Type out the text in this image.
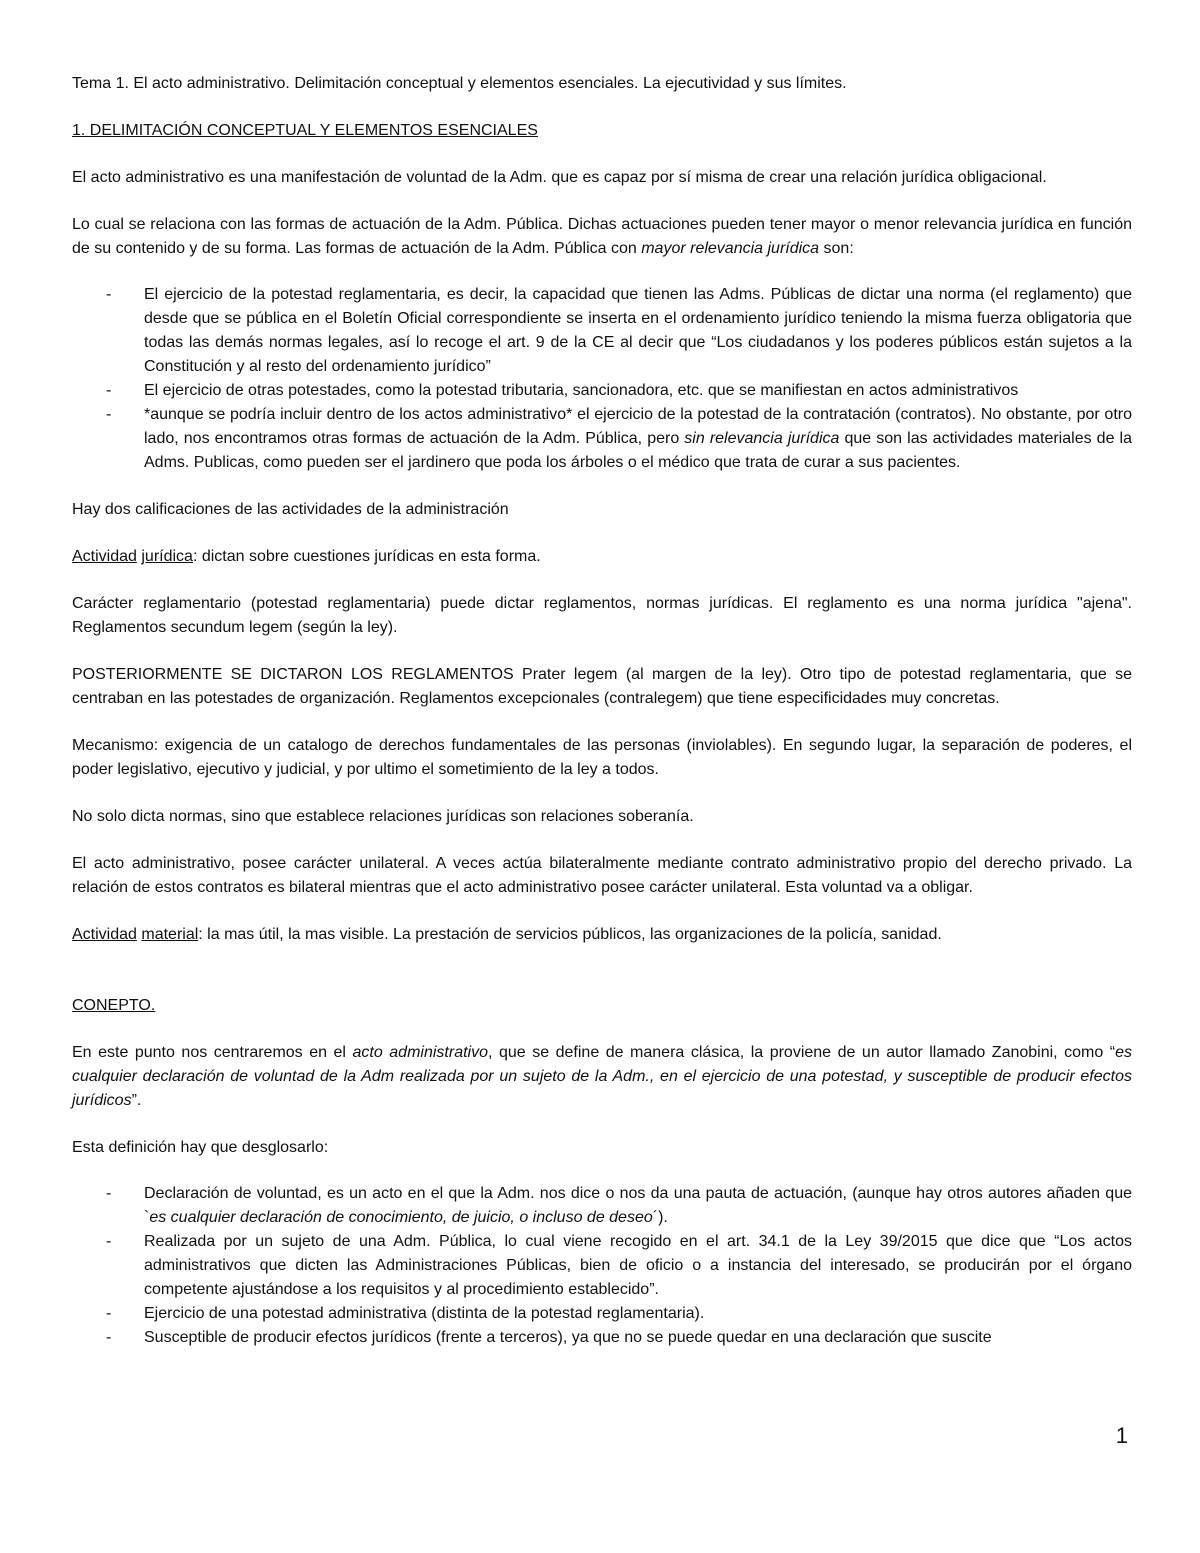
Tema 1. El acto administrativo. Delimitación conceptual y elementos esenciales. La ejecutividad y sus límites.

1. DELIMITACIÓN CONCEPTUAL Y ELEMENTOS ESENCIALES

El acto administrativo es una manifestación de voluntad de la Adm. que es capaz por sí misma de crear una relación jurídica obligacional.

Lo cual se relaciona con las formas de actuación de la Adm. Pública. Dichas actuaciones pueden tener mayor o menor relevancia jurídica en función de su contenido y de su forma. Las formas de actuación de la Adm. Pública con mayor relevancia jurídica son:

- El ejercicio de la potestad reglamentaria, es decir, la capacidad que tienen las Adms. Públicas de dictar una norma (el reglamento) que desde que se pública en el Boletín Oficial correspondiente se inserta en el ordenamiento jurídico teniendo la misma fuerza obligatoria que todas las demás normas legales, así lo recoge el art. 9 de la CE al decir que “Los ciudadanos y los poderes públicos están sujetos a la Constitución y al resto del ordenamiento jurídico”
- El ejercicio de otras potestades, como la potestad tributaria, sancionadora, etc. que se manifiestan en actos administrativos
- *aunque se podría incluir dentro de los actos administrativo* el ejercicio de la potestad de la contratación (contratos). No obstante, por otro lado, nos encontramos otras formas de actuación de la Adm. Pública, pero sin relevancia jurídica que son las actividades materiales de la Adms. Publicas, como pueden ser el jardinero que poda los árboles o el médico que trata de curar a sus pacientes.

Hay dos calificaciones de las actividades de la administración

Actividad jurídica: dictan sobre cuestiones jurídicas en esta forma.

Carácter reglamentario (potestad reglamentaria) puede dictar reglamentos, normas jurídicas. El reglamento es una norma jurídica "ajena". Reglamentos secundum legem (según la ley).

POSTERIORMENTE SE DICTARON LOS REGLAMENTOS Prater legem (al margen de la ley). Otro tipo de potestad reglamentaria, que se centraban en las potestades de organización. Reglamentos excepcionales (contralegem) que tiene especificidades muy concretas.

Mecanismo: exigencia de un catalogo de derechos fundamentales de las personas (inviolables). En segundo lugar, la separación de poderes, el poder legislativo, ejecutivo y judicial, y por ultimo el sometimiento de la ley a todos.

No solo dicta normas, sino que establece relaciones jurídicas son relaciones soberanía.

El acto administrativo, posee carácter unilateral. A veces actúa bilateralmente mediante contrato administrativo propio del derecho privado. La relación de estos contratos es bilateral mientras que el acto administrativo posee carácter unilateral. Esta voluntad va a obligar.

Actividad material: la mas útil, la mas visible. La prestación de servicios públicos, las organizaciones de la policía, sanidad.

CONEPTO.

En este punto nos centraremos en el acto administrativo, que se define de manera clásica, la proviene de un autor llamado Zanobini, como “es cualquier declaración de voluntad de la Adm realizada por un sujeto de la Adm., en el ejercicio de una potestad, y susceptible de producir efectos jurídicos”.

Esta definición hay que desglosarlo:

- Declaración de voluntad, es un acto en el que la Adm. nos dice o nos da una pauta de actuación, (aunque hay otros autores añaden que `es cualquier declaración de conocimiento, de juicio, o incluso de deseo´).
- Realizada por un sujeto de una Adm. Pública, lo cual viene recogido en el art. 34.1 de la Ley 39/2015 que dice que “Los actos administrativos que dicten las Administraciones Públicas, bien de oficio o a instancia del interesado, se producirán por el órgano competente ajustándose a los requisitos y al procedimiento establecido”.
- Ejercicio de una potestad administrativa (distinta de la potestad reglamentaria).
- Susceptible de producir efectos jurídicos (frente a terceros), ya que no se puede quedar en una declaración que suscite
1
